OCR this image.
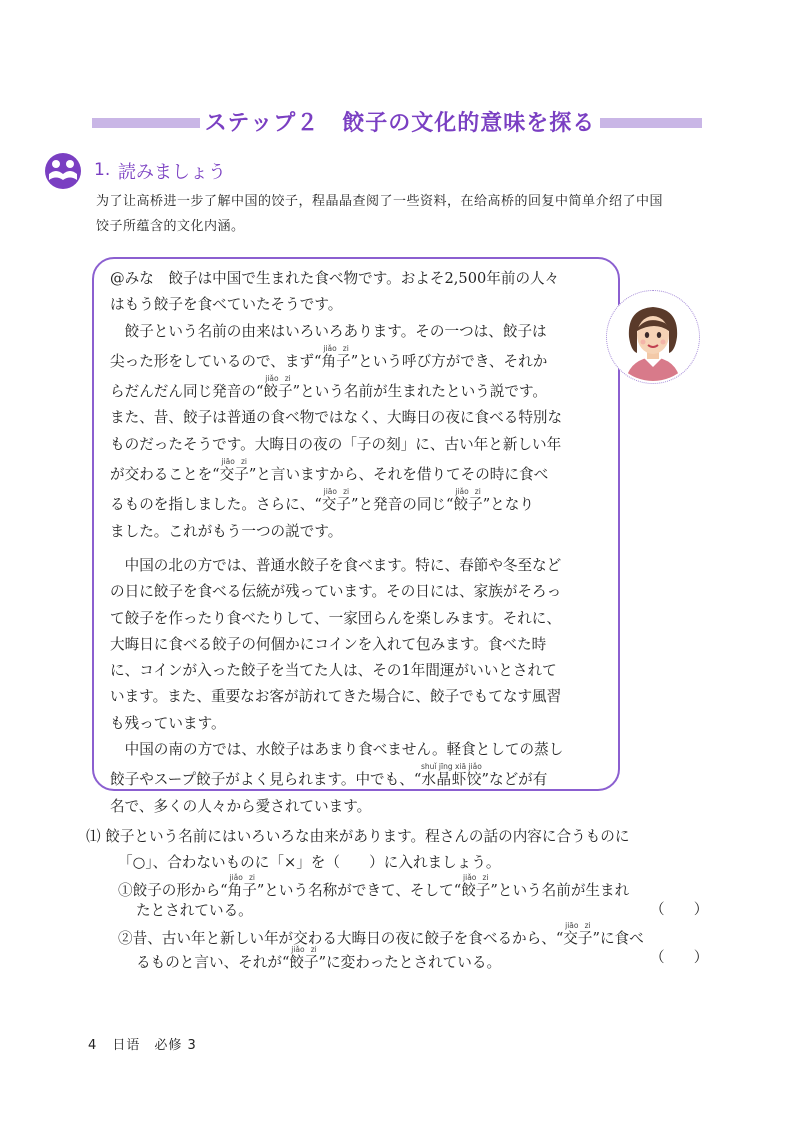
ステップ２　餃子の文化的意味を探る
1. 読みましょう
为了让高桥进一步了解中国的饺子，程晶晶查阅了一些资料，在给高桥的回复中简单介绍了中国
饺子所蕴含的文化内涵。

@みな　餃子は中国で生まれた食べ物です。およそ2,500年前の人々

はもう餃子を食べていたそうです。

餃子という名前の由来はいろいろあります。その一つは、餃子は

尖った形をしているので、まず“角子jiǎo zi”という呼び方ができ、それか

らだんだん同じ発音の“餃子jiǎo zi”という名前が生まれたという説です。

また、昔、餃子は普通の食べ物ではなく、大晦日の夜に食べる特別な

ものだったそうです。大晦日の夜の「子の刻」に、古い年と新しい年

が交わることを“交子jiāo zi”と言いますから、それを借りてその時に食べ

るものを指しました。さらに、“交子jiāo zi”と発音の同じ“餃子jiǎo zi”となり

ました。これがもう一つの説です。

中国の北の方では、普通水餃子を食べます。特に、春節や冬至など

の日に餃子を食べる伝統が残っています。その日には、家族がそろっ

て餃子を作ったり食べたりして、一家団らんを楽しみます。それに、

大晦日に食べる餃子の何個かにコインを入れて包みます。食べた時

に、コインが入った餃子を当てた人は、その1年間運がいいとされて

います。また、重要なお客が訪れてきた場合に、餃子でもてなす風習

も残っています。

中国の南の方では、水餃子はあまり食べません。軽食としての蒸し

餃子やスープ餃子がよく見られます。中でも、“水晶虾饺shuǐ jīng xiā jiǎo”などが有

名で、多くの人々から愛されています。

⑴ 餃子という名前にはいろいろな由来があります。程さんの話の内容に合うものに
「○」、合わないものに「×」を（　　）に入れましょう。
①餃子の形から“角子jiǎo zi”という名称ができて、そして“餃子jiǎo zi”という名前が生まれ
たとされている。	（　　）
②昔、古い年と新しい年が交わる大晦日の夜に餃子を食べるから、“交子jiāo zi”に食べ
るものと言い、それが“餃子jiǎo zi”に変わったとされている。	（　　）
4 日语　必修 3
